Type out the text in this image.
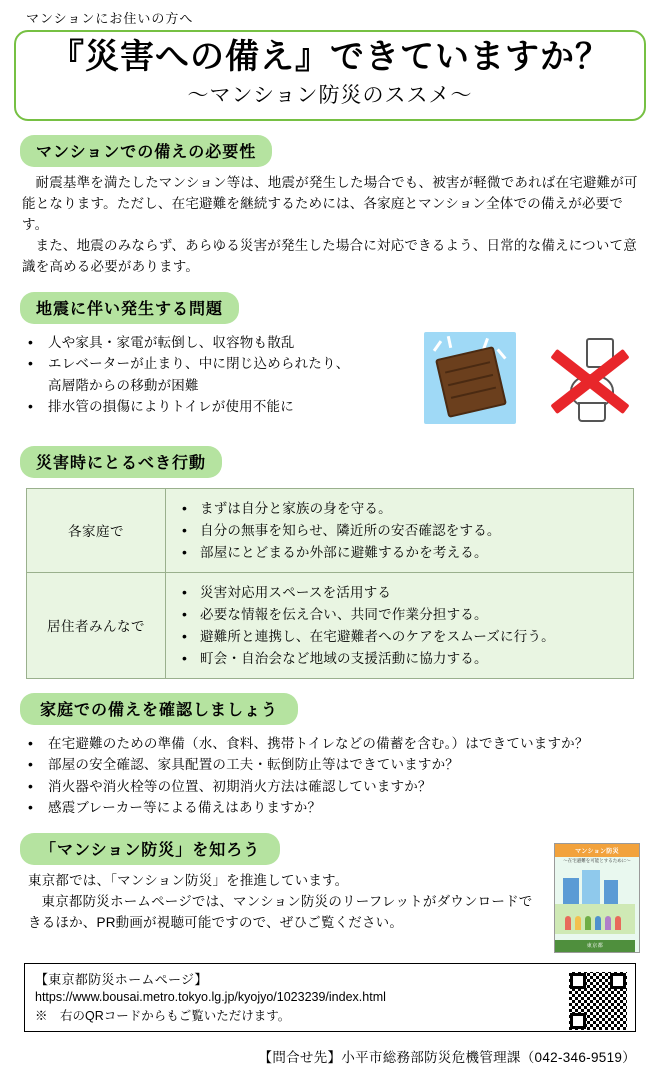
マンションにお住いの方へ
『災害への備え』できていますか？
～マンション防災のススメ～
マンションでの備えの必要性
耐震基準を満たしたマンション等は、地震が発生した場合でも、被害が軽微であれば在宅避難が可能となります。ただし、在宅避難を継続するためには、各家庭とマンション全体での備えが必要です。
また、地震のみならず、あらゆる災害が発生した場合に対応できるよう、日常的な備えについて意識を高める必要があります。
地震に伴い発生する問題
• 人や家具・家電が転倒し、収容物も散乱
• エレベーターが止まり、中に閉じ込められたり、
高層階からの移動が困難
• 排水管の損傷によりトイレが使用不能に
災害時にとるべき行動
各家庭で	
• まずは自分と家族の身を守る。
• 自分の無事を知らせ、隣近所の安否確認をする。
• 部屋にとどまるか外部に避難するかを考える。

居住者みんなで	
• 災害対応用スペースを活用する
• 必要な情報を伝え合い、共同で作業分担する。
• 避難所と連携し、在宅避難者へのケアをスムーズに行う。
• 町会・自治会など地域の支援活動に協力する。
家庭での備えを確認しましょう
• 在宅避難のための準備（水、食料、携帯トイレなどの備蓄を含む。）はできていますか？
• 部屋の安全確認、家具配置の工夫・転倒防止等はできていますか？
• 消火器や消火栓等の位置、初期消火方法は確認していますか？
• 感震ブレーカー等による備えはありますか？
「マンション防災」を知ろう
東京都では、「マンション防災」を推進しています。
東京都防災ホームページでは、マンション防災のリーフレットがダウンロードできるほか、PR動画が視聴可能ですので、ぜひご覧ください。
マンション防災
～在宅避難を可能とするために～
東京都
【東京都防災ホームページ】
https://www.bousai.metro.tokyo.lg.jp/kyojyo/1023239/index.html
※　右のQRコードからもご覧いただけます。
【問合せ先】小平市総務部防災危機管理課（042-346-9519）
